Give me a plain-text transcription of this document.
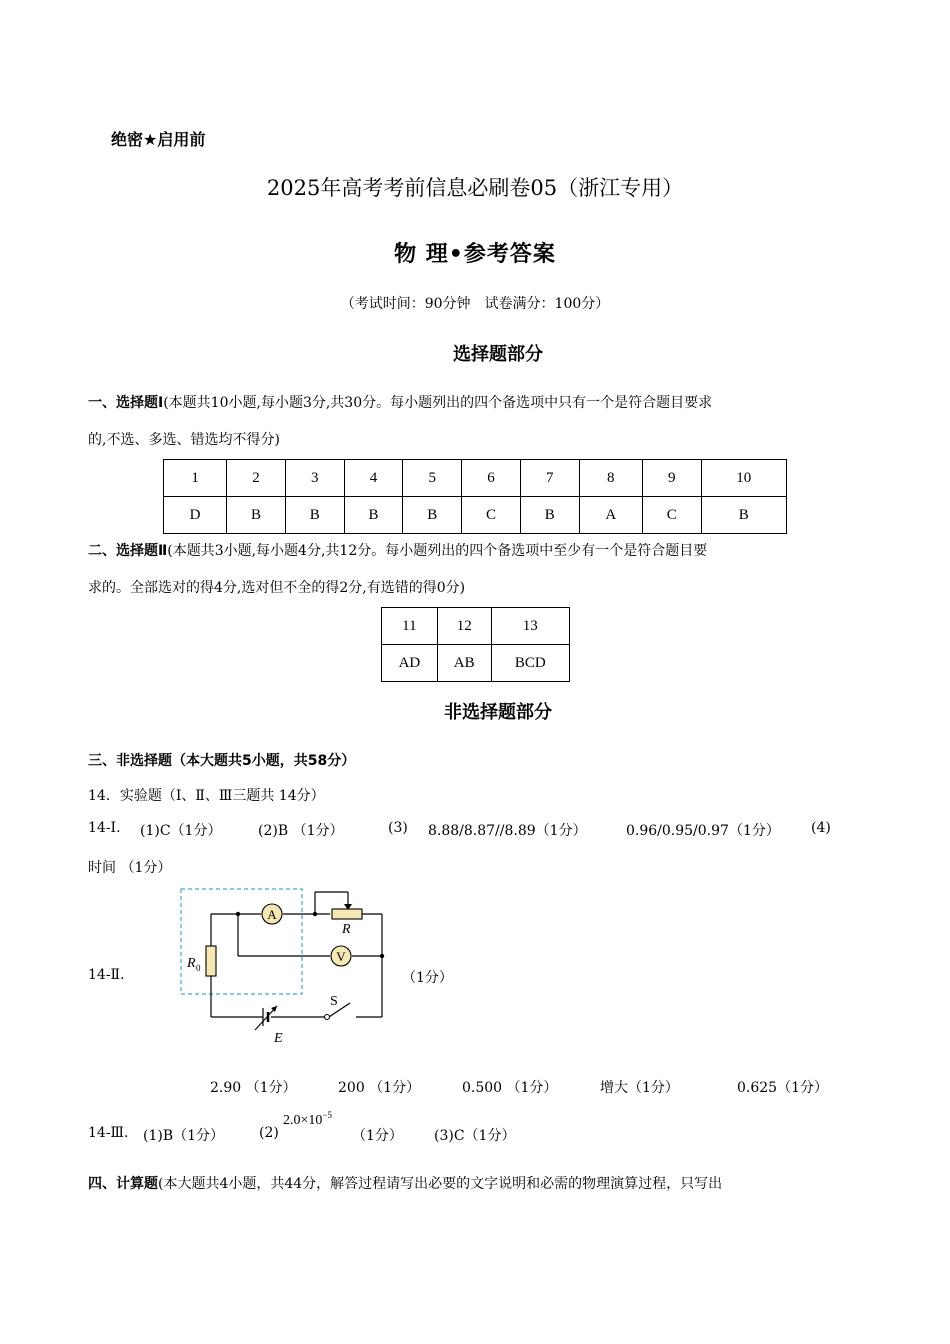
绝密★启用前
2025年高考考前信息必刷卷05（浙江专用）
物 理•参考答案
（考试时间：90分钟　试卷满分：100分）
选择题部分
一、选择题Ⅰ(本题共10小题,每小题3分,共30分。每小题列出的四个备选项中只有一个是符合题目要求
的,不选、多选、错选均不得分)
1	2	3	4	5	6	7	8	9	10
D	B	B	B	B	C	B	A	C	B
二、选择题Ⅱ(本题共3小题,每小题4分,共12分。每小题列出的四个备选项中至少有一个是符合题目要
求的。全部选对的得4分,选对但不全的得2分,有选错的得0分)
11	12	13
AD	AB	BCD
非选择题部分
三、非选择题（本大题共5小题，共58分）
14．实验题（Ⅰ、Ⅱ、Ⅲ三题共 14分）
14-Ⅰ. (1)C（1分）	(2)B （1分）	(3) 8.88/8.87//8.89（1分）	0.96/0.95/0.97（1分） (4)
时间 （1分）
14-Ⅱ.
A
V
R
R 0
E
S
（1分）
2.90 （1分）	200 （1分）	0.500 （1分）	增大（1分）	0.625（1分）
14-Ⅲ. (1)B（1分） (2)
$2.0\times 10^{-5}$
（1分） (3)C（1分）
四、计算题(本大题共4小题，共44分，解答过程请写出必要的文字说明和必需的物理演算过程，只写出
